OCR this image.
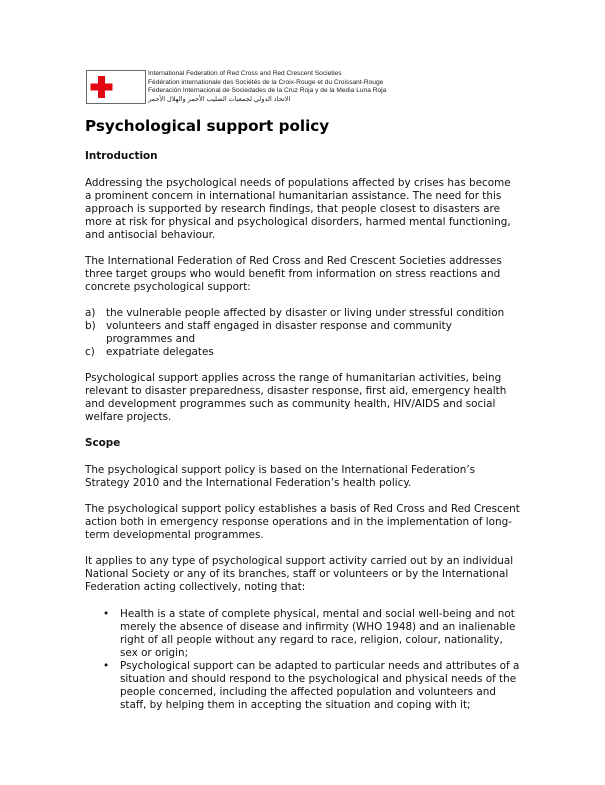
International Federation of Red Cross and Red Crescent Societies
Fédération internationale des Sociétés de la Croix-Rouge et du Croissant-Rouge
Federación Internacional de Sociedades de la Cruz Roja y de la Media Luna Roja
الاتحاد الدولي لجمعيات الصليب الأحمر والهلال الأحمر
Psychological support policy
Introduction

Addressing the psychological needs of populations affected by crises has become a prominent concern in international humanitarian assistance. The need for this approach is supported by research findings, that people closest to disasters are more at risk for physical and psychological disorders, harmed mental functioning, and antisocial behaviour.

The International Federation of Red Cross and Red Crescent Societies addresses three target groups who would benefit from information on stress reactions and concrete psychological support:

a) the vulnerable people affected by disaster or living under stressful condition
b) volunteers and staff engaged in disaster response and community programmes and
c) expatriate delegates

Psychological support applies across the range of humanitarian activities, being relevant to disaster preparedness, disaster response, first aid, emergency health and development programmes such as community health, HIV/AIDS and social welfare projects.

Scope

The psychological support policy is based on the International Federation’s Strategy 2010 and the International Federation’s health policy.

The psychological support policy establishes a basis of Red Cross and Red Crescent action both in emergency response operations and in the implementation of long-term developmental programmes.

It applies to any type of psychological support activity carried out by an individual National Society or any of its branches, staff or volunteers or by the International Federation acting collectively, noting that:

• Health is a state of complete physical, mental and social well-being and not merely the absence of disease and infirmity (WHO 1948) and an inalienable right of all people without any regard to race, religion, colour, nationality, sex or origin;
• Psychological support can be adapted to particular needs and attributes of a situation and should respond to the psychological and physical needs of the people concerned, including the affected population and volunteers and staff, by helping them in accepting the situation and coping with it;
